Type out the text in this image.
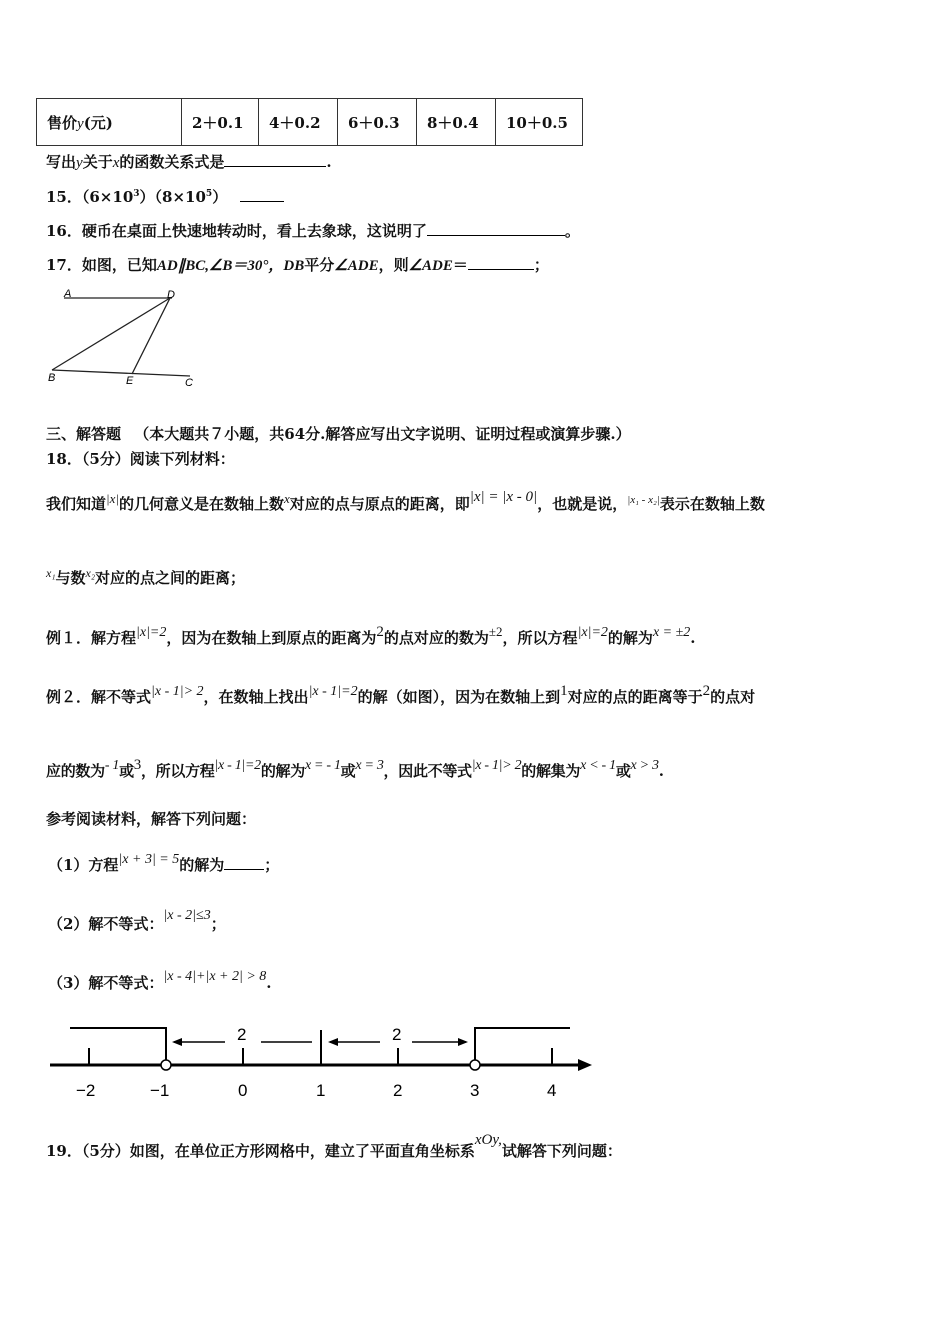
售价y(元)	2＋0.1	4＋0.2	6＋0.3	8＋0.4	10＋0.5
写出y关于x的函数关系式是	.
15．$(6\times 10^3)(8\times 10^5)$
16．硬币在桌面上快速地转动时，看上去象球，这说明了	。
17．如图，已知AD∥BC,∠B＝30°，DB平分∠ADE，则∠ADE＝	；
A	D
B	E	C
三、解答题 （本大题共７小题，共64分.解答应写出文字说明、证明过程或演算步骤.）
18．（5分）阅读下列材料：
我们知道|x|的几何意义是在数轴上数x对应的点与原点的距离，即|x| = |x - 0|，也就是说，$^{|x_1 - x_2|}$表示在数轴上数
$^{x_1}$与数$^{x_2}$对应的点之间的距离；
例１．解方程|x|=2，因为在数轴上到原点的距离为2的点对应的数为±2，所以方程|x|=2的解为x = ±2.
例２．解不等式|x - 1|> 2，在数轴上找出|x - 1|=2的解（如图），因为在数轴上到1对应的点的距离等于2的点对
应的数为- 1或3，所以方程|x - 1|=2的解为x = - 1或x = 3，因此不等式|x - 1|> 2的解集为x < - 1或x > 3.
参考阅读材料，解答下列问题：
（1）方程|x + 3| = 5的解为	；
（2）解不等式：|x - 2|≤3；
（3）解不等式：|x - 4|+|x + 2| > 8.
2	2
−2	−1	0	1	2	3	4
19．（5分）如图，在单位正方形网格中，建立了平面直角坐标系xOy,试解答下列问题：
